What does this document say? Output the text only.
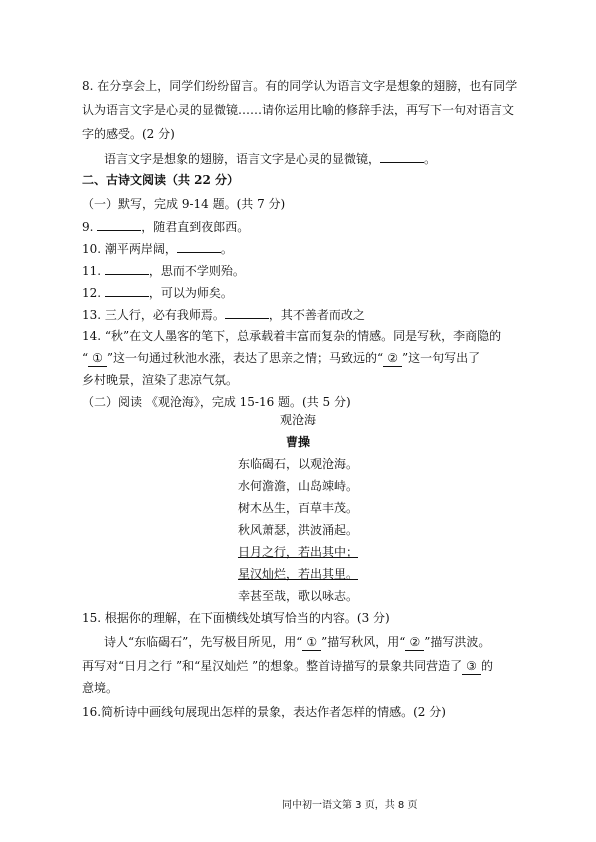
8. 在分享会上，同学们纷纷留言。有的同学认为语言文字是想象的翅膀，也有同学
认为语言文字是心灵的显微镜……请你运用比喻的修辞手法，再写下一句对语言文
字的感受。(2 分)
语言文字是想象的翅膀，语言文字是心灵的显微镜，	。
二、古诗文阅读（共 22 分）
（一）默写，完成 9-14 题。(共 7 分)
9.	，随君直到夜郎西。
10. 潮平两岸阔，	。
11.	，思而不学则殆。
12.	，可以为师矣。
13. 三人行，必有我师焉。	，其不善者而改之
14. “秋”在文人墨客的笔下，总承载着丰富而复杂的情感。同是写秋，李商隐的
“ ① ”这一句通过秋池水涨，表达了思亲之情；马致远的“ ② ”这一句写出了
乡村晚景，渲染了悲凉气氛。
（二）阅读 《观沧海》，完成 15-16 题。(共 5 分)
观沧海
曹操
东临碣石，以观沧海。
水何澹澹，山岛竦峙。
树木丛生，百草丰茂。
秋风萧瑟，洪波涌起。
日月之行，若出其中；
星汉灿烂，若出其里。
幸甚至哉，歌以咏志。
15. 根据你的理解，在下面横线处填写恰当的内容。(3 分)
诗人“东临碣石”，先写极目所见，用“ ① ”描写秋风，用“ ② ”描写洪波。
再写对“日月之行 ”和“星汉灿烂 ”的想象。整首诗描写的景象共同营造了 ③ 的
意境。
16.简析诗中画线句展现出怎样的景象，表达作者怎样的情感。(2 分)
同中初一语文第 3 页，共 8 页
